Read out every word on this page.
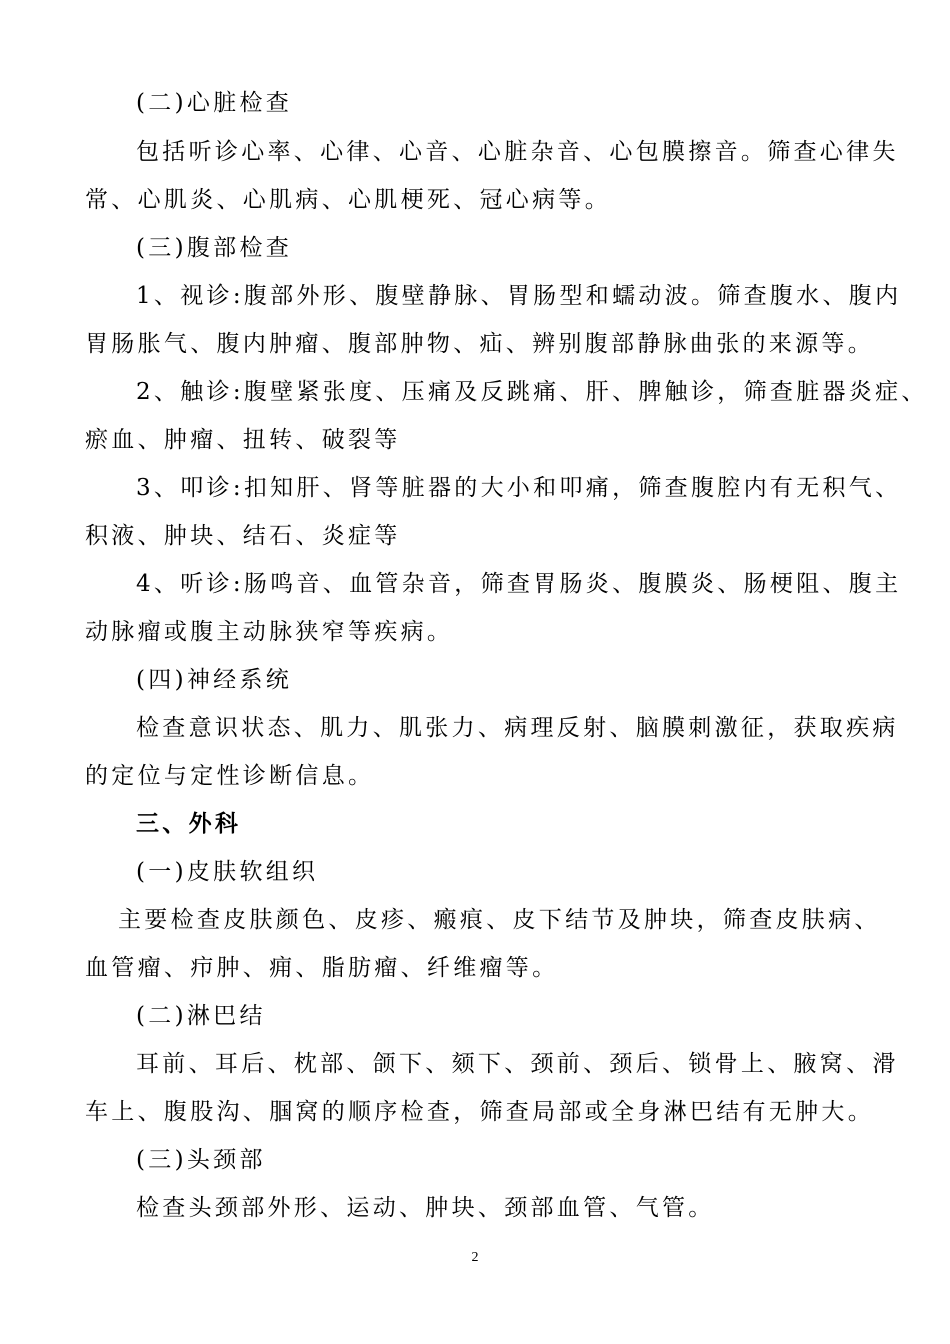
(二)心脏检查
包括听诊心率、心律、心音、心脏杂音、心包膜擦音。筛查心律失
常、心肌炎、心肌病、心肌梗死、冠心病等。
(三)腹部检查
1、视诊:腹部外形、腹壁静脉、胃肠型和蠕动波。筛查腹水、腹内
胃肠胀气、腹内肿瘤、腹部肿物、疝、辨别腹部静脉曲张的来源等。
2、触诊:腹壁紧张度、压痛及反跳痛、肝、脾触诊，筛查脏器炎症、
瘀血、肿瘤、扭转、破裂等
3、叩诊:扣知肝、肾等脏器的大小和叩痛，筛查腹腔内有无积气、
积液、肿块、结石、炎症等
4、听诊:肠鸣音、血管杂音，筛查胃肠炎、腹膜炎、肠梗阻、腹主
动脉瘤或腹主动脉狭窄等疾病。
(四)神经系统
检查意识状态、肌力、肌张力、病理反射、脑膜刺激征，获取疾病
的定位与定性诊断信息。
三、外科
(一)皮肤软组织
主要检查皮肤颜色、皮疹、瘢痕、皮下结节及肿块，筛查皮肤病、
血管瘤、疖肿、痈、脂肪瘤、纤维瘤等。
(二)淋巴结
耳前、耳后、枕部、颌下、颏下、颈前、颈后、锁骨上、腋窝、滑
车上、腹股沟、腘窝的顺序检查，筛查局部或全身淋巴结有无肿大。
(三)头颈部
检查头颈部外形、运动、肿块、颈部血管、气管。
2
